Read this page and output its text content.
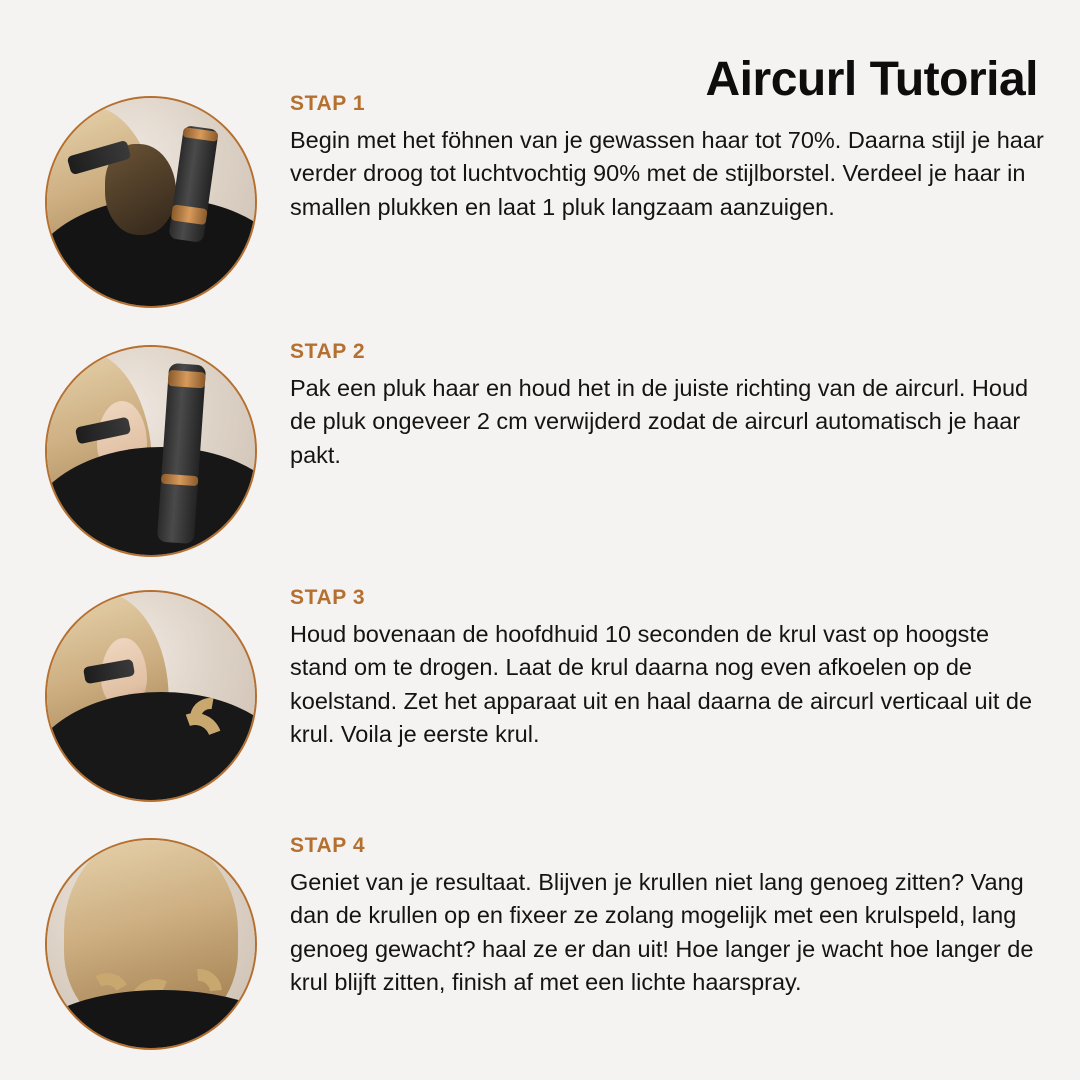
Aircurl Tutorial

STAP 1

Begin met het föhnen van je gewassen haar tot 70%. Daarna stijl je haar verder droog tot luchtvochtig 90% met de stijlborstel. Verdeel je haar in smallen plukken en laat 1 pluk langzaam aanzuigen.

STAP 2

Pak een pluk haar en houd het in de juiste richting van de aircurl. Houd de pluk ongeveer 2 cm verwijderd zodat de aircurl automatisch je haar pakt.

STAP 3

Houd bovenaan de hoofdhuid 10 seconden de krul vast op hoogste stand om te drogen. Laat de krul daarna nog even afkoelen op de koelstand. Zet het apparaat uit en haal daarna de aircurl verticaal uit de krul. Voila je eerste krul.

STAP 4

Geniet van je resultaat. Blijven je krullen niet lang genoeg zitten? Vang dan de krullen op en fixeer ze zolang mogelijk met een krulspeld, lang genoeg gewacht? haal ze er dan uit! Hoe langer je wacht hoe langer de krul blijft zitten, finish af met een lichte haarspray.
